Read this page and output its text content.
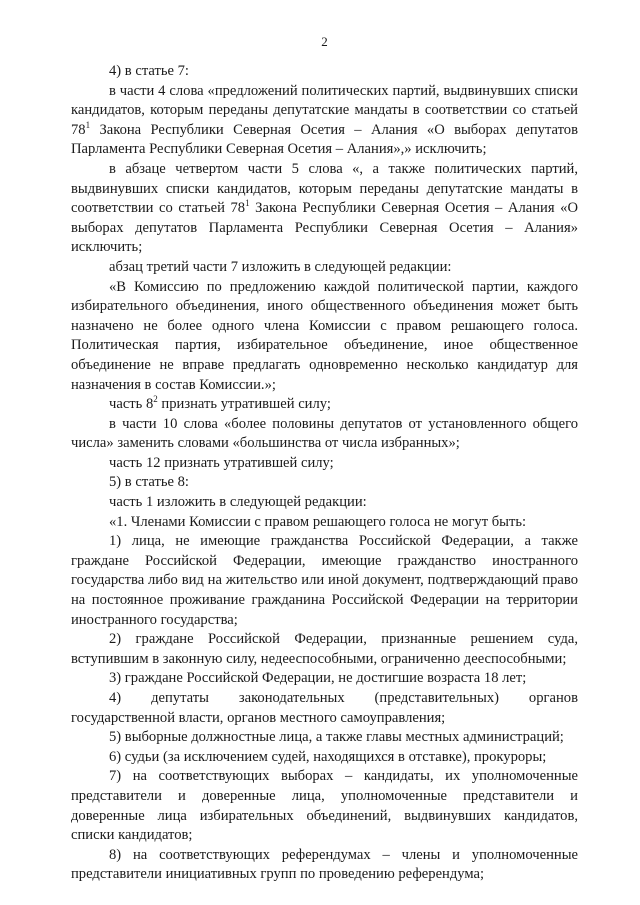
2

4) в статье 7:

в части 4 слова «предложений политических партий, выдвинувших списки кандидатов, которым переданы депутатские мандаты в соответствии со статьей $78^1$ Закона Республики Северная Осетия – Алания «О выборах депутатов Парламента Республики Северная Осетия – Алания»,» исключить;

в абзаце четвертом части 5 слова «, а также политических партий, выдвинувших списки кандидатов, которым переданы депутатские мандаты в соответствии со статьей $78^1$ Закона Республики Северная Осетия – Алания «О выборах депутатов Парламента Республики Северная Осетия – Алания» исключить;

абзац третий части 7 изложить в следующей редакции:

«В Комиссию по предложению каждой политической партии, каждого избирательного объединения, иного общественного объединения может быть назначено не более одного члена Комиссии с правом решающего голоса. Политическая партия, избирательное объединение, иное общественное объединение не вправе предлагать одновременно несколько кандидатур для назначения в состав Комиссии.»;

часть $8^2$ признать утратившей силу;

в части 10 слова «более половины депутатов от установленного общего числа» заменить словами «большинства от числа избранных»;

часть 12 признать утратившей силу;

5) в статье 8:

часть 1 изложить в следующей редакции:

«1. Членами Комиссии с правом решающего голоса не могут быть:

1) лица, не имеющие гражданства Российской Федерации, а также граждане Российской Федерации, имеющие гражданство иностранного государства либо вид на жительство или иной документ, подтверждающий право на постоянное проживание гражданина Российской Федерации на территории иностранного государства;

2) граждане Российской Федерации, признанные решением суда, вступившим в законную силу, недееспособными, ограниченно дееспособными;

3) граждане Российской Федерации, не достигшие возраста 18 лет;

4) депутаты законодательных (представительных) органов государственной власти, органов местного самоуправления;

5) выборные должностные лица, а также главы местных администраций;

6) судьи (за исключением судей, находящихся в отставке), прокуроры;

7) на соответствующих выборах – кандидаты, их уполномоченные представители и доверенные лица, уполномоченные представители и доверенные лица избирательных объединений, выдвинувших кандидатов, списки кандидатов;

8) на соответствующих референдумах – члены и уполномоченные представители инициативных групп по проведению референдума;
